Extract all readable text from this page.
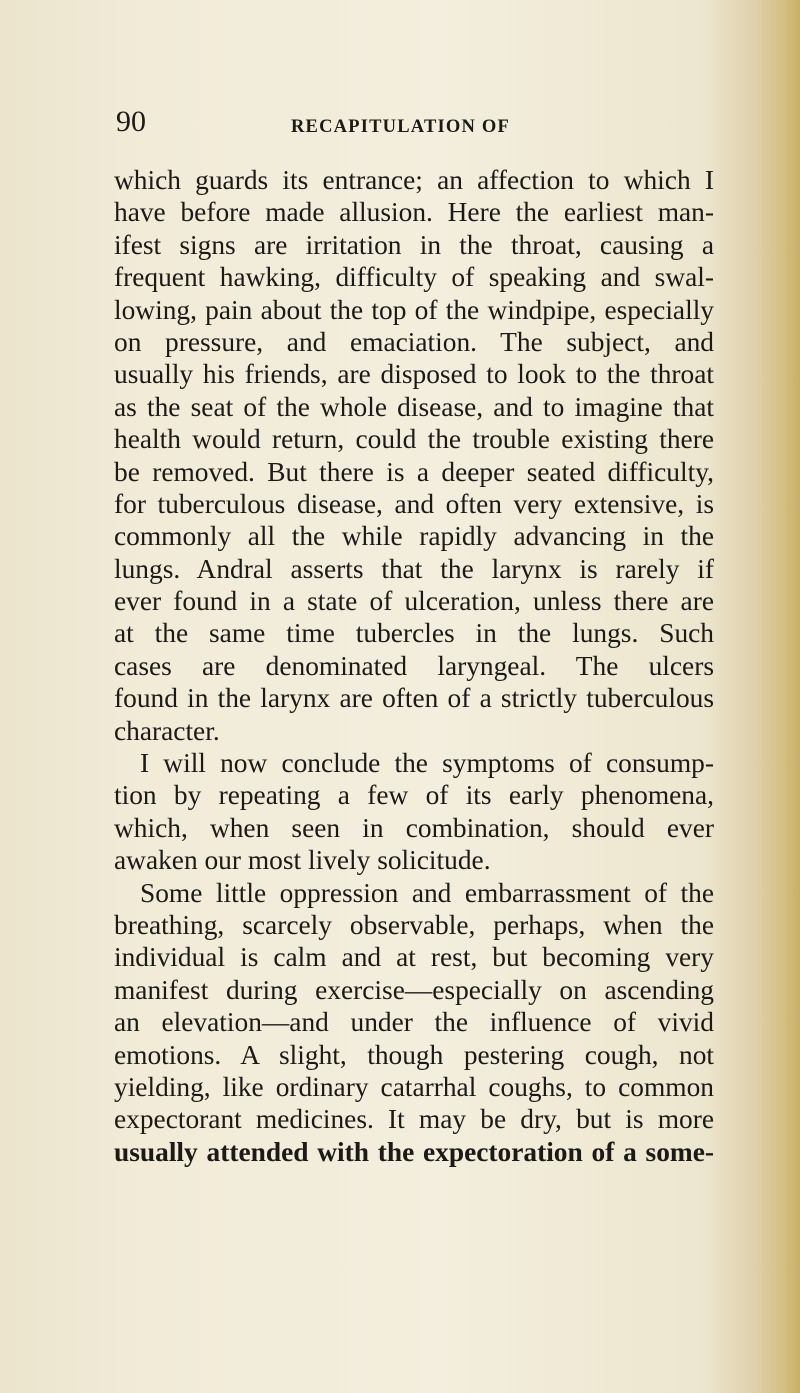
90	RECAPITULATION OF
which guards its entrance; an affection to which I
have before made allusion. Here the earliest man-
ifest signs are irritation in the throat, causing a
frequent hawking, difficulty of speaking and swal-
lowing, pain about the top of the windpipe, especially
on pressure, and emaciation. The subject, and
usually his friends, are disposed to look to the throat
as the seat of the whole disease, and to imagine that
health would return, could the trouble existing there
be removed. But there is a deeper seated difficulty,
for tuberculous disease, and often very extensive, is
commonly all the while rapidly advancing in the
lungs. Andral asserts that the larynx is rarely if
ever found in a state of ulceration, unless there are
at the same time tubercles in the lungs. Such
cases are denominated laryngeal. The ulcers
found in the larynx are often of a strictly tuberculous
character.
I will now conclude the symptoms of consump-
tion by repeating a few of its early phenomena,
which, when seen in combination, should ever
awaken our most lively solicitude.
Some little oppression and embarrassment of the
breathing, scarcely observable, perhaps, when the
individual is calm and at rest, but becoming very
manifest during exercise—especially on ascending
an elevation—and under the influence of vivid
emotions. A slight, though pestering cough, not
yielding, like ordinary catarrhal coughs, to common
expectorant medicines. It may be dry, but is more
usually attended with the expectoration of a some-
